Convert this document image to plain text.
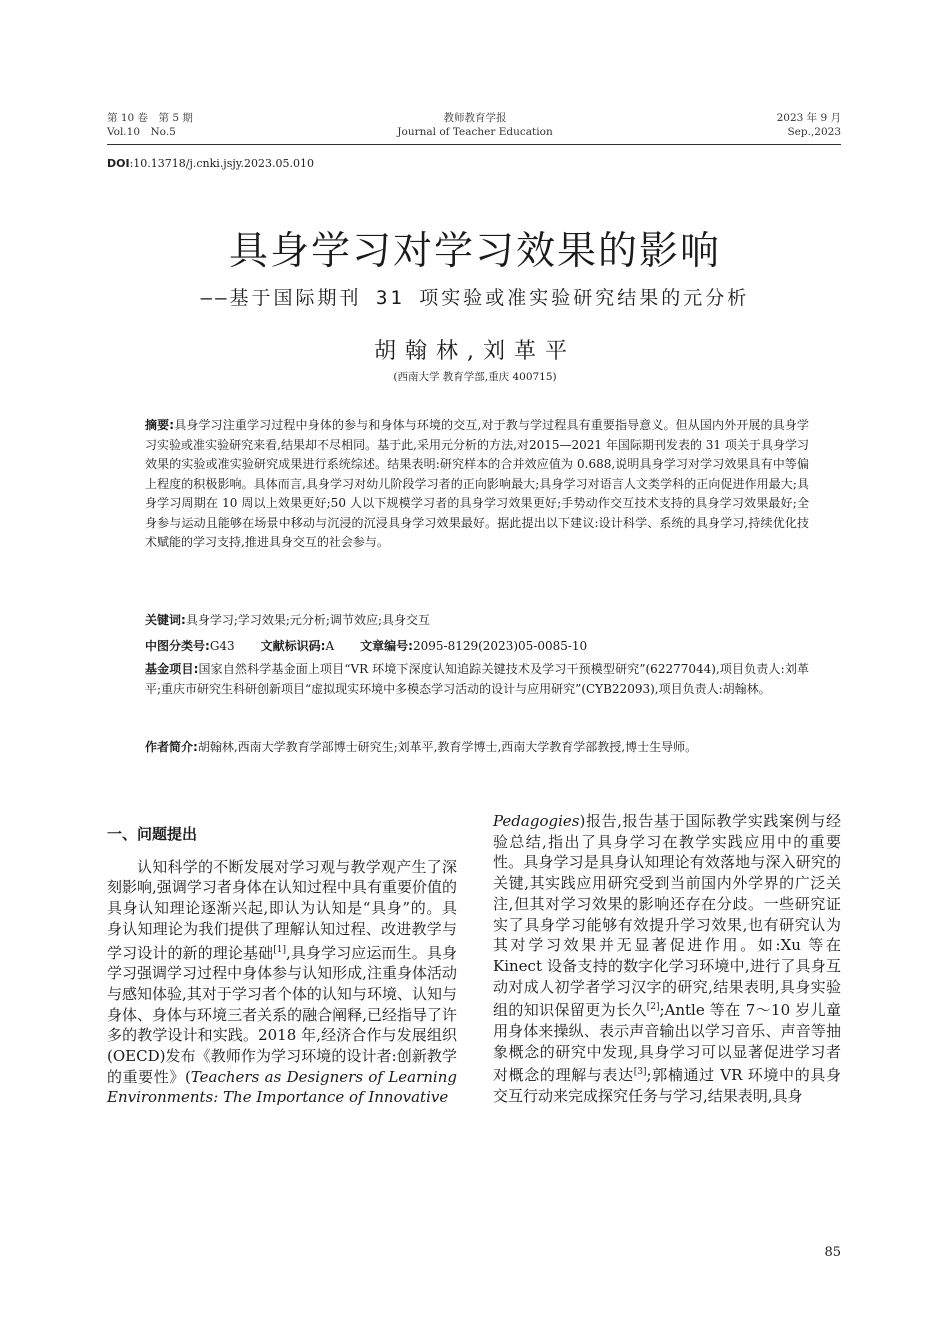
第 10 卷　第 5 期
Vol.10　No.5
教师教育学报
Journal of Teacher Education
2023 年 9 月
Sep.,2023
DOI:10.13718/j.cnki.jsjy.2023.05.010
具身学习对学习效果的影响
——基于国际期刊 31 项实验或准实验研究结果的元分析
胡翰林,刘革平
(西南大学 教育学部,重庆 400715)
摘要:具身学习注重学习过程中身体的参与和身体与环境的交互,对于教与学过程具有重要指导意义。但从国内外开展的具身学习实验或准实验研究来看,结果却不尽相同。基于此,采用元分析的方法,对2015—2021 年国际期刊发表的 31 项关于具身学习效果的实验或准实验研究成果进行系统综述。结果表明:研究样本的合并效应值为 0.688,说明具身学习对学习效果具有中等偏上程度的积极影响。具体而言,具身学习对幼儿阶段学习者的正向影响最大;具身学习对语言人文类学科的正向促进作用最大;具身学习周期在 10 周以上效果更好;50 人以下规模学习者的具身学习效果更好;手势动作交互技术支持的具身学习效果最好;全身参与运动且能够在场景中移动与沉浸的沉浸具身学习效果最好。据此提出以下建议:设计科学、系统的具身学习,持续优化技术赋能的学习支持,推进具身交互的社会参与。
关键词:具身学习;学习效果;元分析;调节效应;具身交互
中图分类号:G43 文献标识码:A 文章编号:2095-8129(2023)05-0085-10
基金项目:国家自然科学基金面上项目“VR 环境下深度认知追踪关键技术及学习干预模型研究”(62277044),项目负责人:刘革平;重庆市研究生科研创新项目“虚拟现实环境中多模态学习活动的设计与应用研究”(CYB22093),项目负责人:胡翰林。
作者简介:胡翰林,西南大学教育学部博士研究生;刘革平,教育学博士,西南大学教育学部教授,博士生导师。
一、问题提出

认知科学的不断发展对学习观与教学观产生了深刻影响,强调学习者身体在认知过程中具有重要价值的具身认知理论逐渐兴起,即认为认知是“具身”的。具身认知理论为我们提供了理解认知过程、改进教学与学习设计的新的理论基础[1],具身学习应运而生。具身学习强调学习过程中身体参与认知形成,注重身体活动与感知体验,其对于学习者个体的认知与环境、认知与身体、身体与环境三者关系的融合阐释,已经指导了许多的教学设计和实践。2018 年,经济合作与发展组织(OECD)发布《教师作为学习环境的设计者:创新教学的重要性》(Teachers as Designers of Learning Environments: The Importance of Innovative

Pedagogies)报告,报告基于国际教学实践案例与经验总结,指出了具身学习在教学实践应用中的重要性。具身学习是具身认知理论有效落地与深入研究的关键,其实践应用研究受到当前国内外学界的广泛关注,但其对学习效果的影响还存在分歧。一些研究证实了具身学习能够有效提升学习效果,也有研究认为其对学习效果并无显著促进作用。如:Xu 等在 Kinect 设备支持的数字化学习环境中,进行了具身互动对成人初学者学习汉字的研究,结果表明,具身实验组的知识保留更为长久[2];Antle 等在 7～10 岁儿童用身体来操纵、表示声音输出以学习音乐、声音等抽象概念的研究中发现,具身学习可以显著促进学习者对概念的理解与表达[3];郭楠通过 VR 环境中的具身交互行动来完成探究任务与学习,结果表明,具身

85
